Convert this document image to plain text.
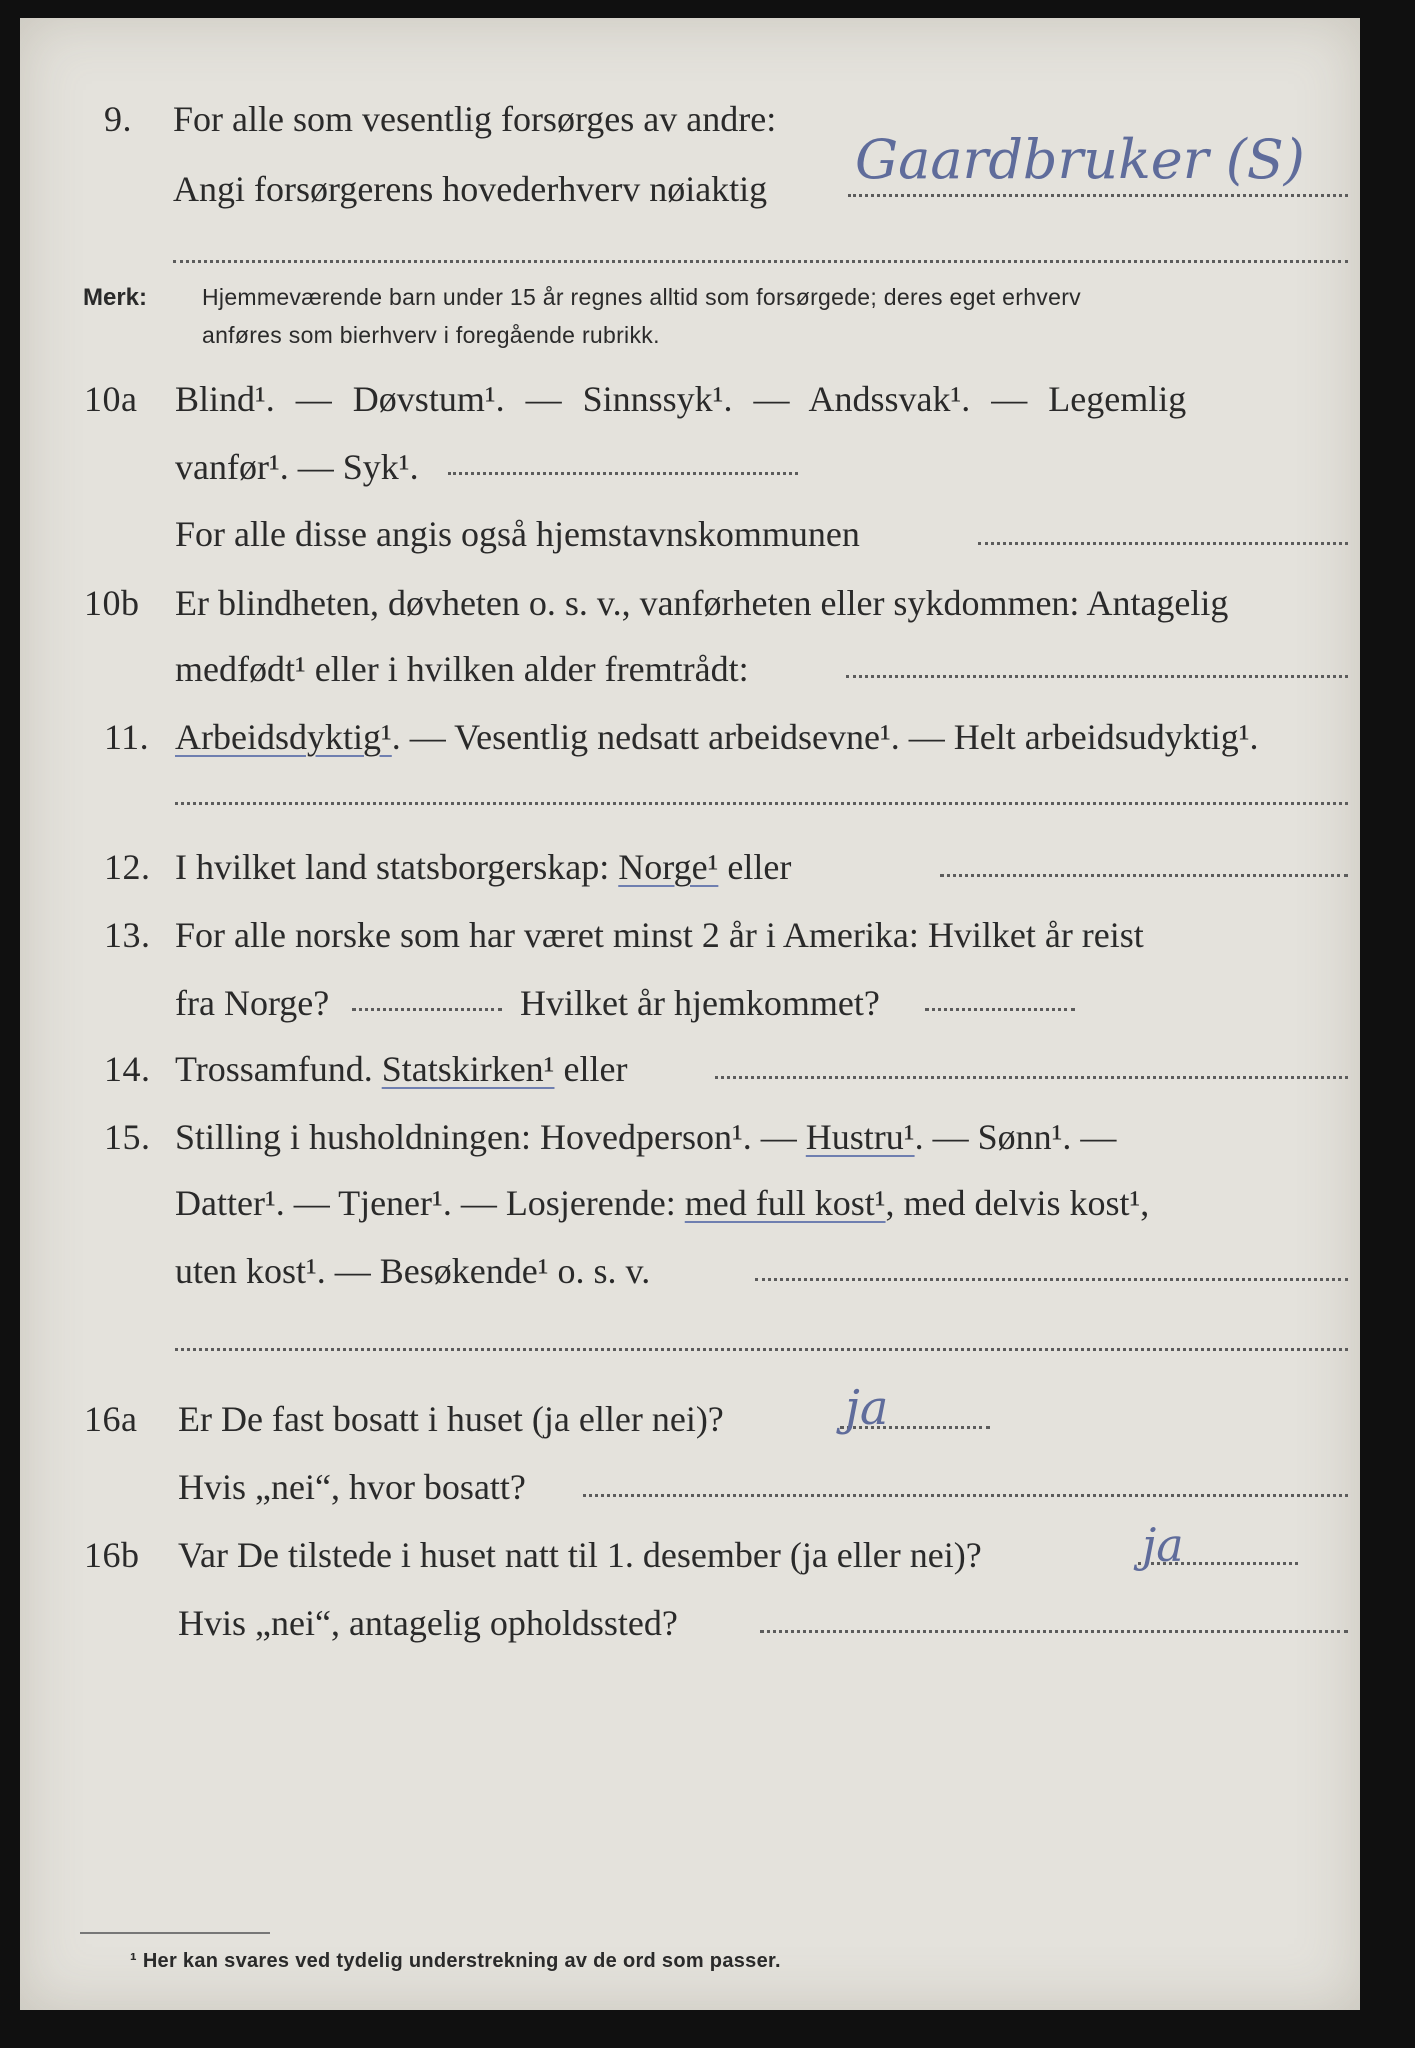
9. For alle som vesentlig forsørges av andre:
Angi forsørgerens hovederhverv nøiaktig Gaardbruker (S)
Merk: Hjemmeværende barn under 15 år regnes alltid som forsørgede; deres eget erhverv
anføres som bierhverv i foregående rubrikk.
10a Blind¹. — Døvstum¹. — Sinnssyk¹. — Andssvak¹. — Legemlig
vanfør¹. — Syk¹.
For alle disse angis også hjemstavnskommunen
10b Er blindheten, døvheten o. s. v., vanførheten eller sykdommen: Antagelig
medfødt¹ eller i hvilken alder fremtrådt:
11. Arbeidsdyktig¹. — Vesentlig nedsatt arbeidsevne¹. — Helt arbeidsudyktig¹.
12. I hvilket land statsborgerskap: Norge¹ eller
13. For alle norske som har været minst 2 år i Amerika: Hvilket år reist
fra Norge?	Hvilket år hjemkommet?
14. Trossamfund. Statskirken¹ eller
15. Stilling i husholdningen: Hovedperson¹. — Hustru¹. — Sønn¹. —
Datter¹. — Tjener¹. — Losjerende: med full kost¹, med delvis kost¹,
uten kost¹. — Besøkende¹ o. s. v.
16a Er De fast bosatt i huset (ja eller nei)?	ja
Hvis „nei“, hvor bosatt?
16b Var De tilstede i huset natt til 1. desember (ja eller nei)?	ja
Hvis „nei“, antagelig opholdssted?
¹ Her kan svares ved tydelig understrekning av de ord som passer.
